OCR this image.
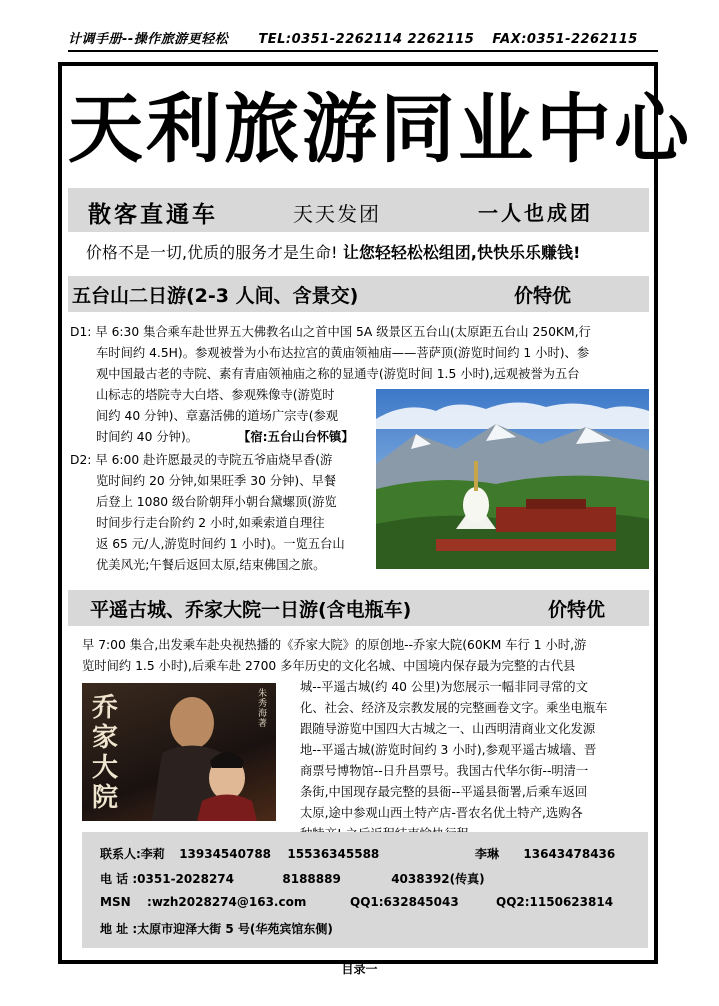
计调手册--操作旅游更轻松 TEL:0351-2262114 2262115 FAX:0351-2262115
天利旅游同业中心
散客直通车	天天发团	一人也成团
价格不是一切,优质的服务才是生命! 让您轻轻松松组团,快快乐乐赚钱!
五台山二日游(2-3 人间、含景交)	价特优
D1: 早 6:30 集合乘车赴世界五大佛教名山之首中国 5A 级景区五台山(太原距五台山 250KM,行
车时间约 4.5H)。参观被誉为小布达拉宫的黄庙领袖庙——菩萨顶(游览时间约 1 小时)、参
观中国最古老的寺院、素有青庙领袖庙之称的显通寺(游览时间 1.5 小时),远观被誉为五台
山标志的塔院寺大白塔、参观殊像寺(游览时
间约 40 分钟)、章嘉活佛的道场广宗寺(参观
时间约 40 分钟)。	【宿:五台山台怀镇】
D2: 早 6:00 赴许愿最灵的寺院五爷庙烧早香(游
览时间约 20 分钟,如果旺季 30 分钟)、早餐
后登上 1080 级台阶朝拜小朝台黛螺顶(游览
时间步行走台阶约 2 小时,如乘索道自理往
返 65 元/人,游览时间约 1 小时)。一览五台山
优美风光;午餐后返回太原,结束佛国之旅。
平遥古城、乔家大院一日游(含电瓶车)	价特优
早 7:00 集合,出发乘车赴央视热播的《乔家大院》的原创地--乔家大院(60KM 车行 1 小时,游
览时间约 1.5 小时),后乘车赴 2700 多年历史的文化名城、中国境内保存最为完整的古代县
城--平遥古城(约 40 公里)为您展示一幅非同寻常的文
化、社会、经济及宗教发展的完整画卷文字。乘坐电瓶车
跟随导游览中国四大古城之一、山西明清商业文化发源
地--平遥古城(游览时间约 3 小时),参观平遥古城墙、晋
商票号博物馆--日升昌票号。我国古代华尔街--明清一
条街,中国现存最完整的县衙--平遥县衙署,后乘车返回
太原,途中参观山西土特产店-晋农名优土特产,选购各
乔家大院
朱秀海 著
联系人:李莉 13934540788 15536345588	李琳 13643478436
电 话 :0351-2028274	8188889	4038392(传真)
MSN :wzh2028274@163.com	QQ1:632845043	QQ2:1150623814
地 址 :太原市迎泽大街 5 号(华苑宾馆东侧)
目录一
